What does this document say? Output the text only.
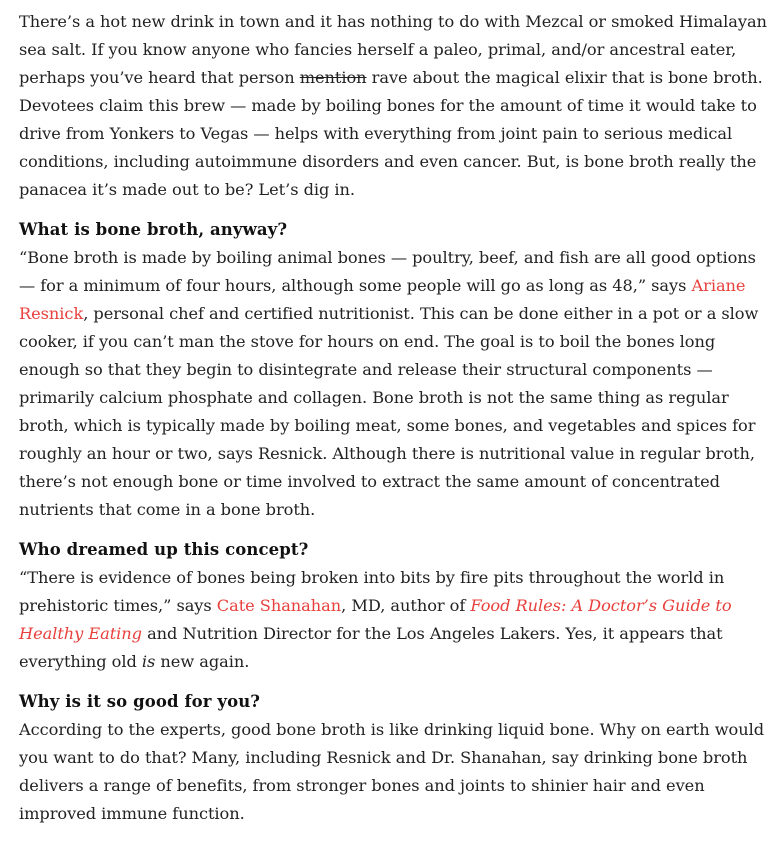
There’s a hot new drink in town and it has nothing to do with Mezcal or smoked Himalayan sea salt. If you know anyone who fancies herself a paleo, primal, and/or ancestral eater, perhaps you’ve heard that person mention rave about the magical elixir that is bone broth. Devotees claim this brew — made by boiling bones for the amount of time it would take to drive from Yonkers to Vegas — helps with everything from joint pain to serious medical conditions, including autoimmune disorders and even cancer. But, is bone broth really the panacea it’s made out to be? Let’s dig in.

What is bone broth, anyway?

“Bone broth is made by boiling animal bones — poultry, beef, and fish are all good options — for a minimum of four hours, although some people will go as long as 48,” says Ariane Resnick, personal chef and certified nutritionist. This can be done either in a pot or a slow cooker, if you can’t man the stove for hours on end. The goal is to boil the bones long enough so that they begin to disintegrate and release their structural components — primarily calcium phosphate and collagen. Bone broth is not the same thing as regular broth, which is typically made by boiling meat, some bones, and vegetables and spices for roughly an hour or two, says Resnick. Although there is nutritional value in regular broth, there’s not enough bone or time involved to extract the same amount of concentrated nutrients that come in a bone broth.

Who dreamed up this concept?

“There is evidence of bones being broken into bits by fire pits throughout the world in prehistoric times,” says Cate Shanahan, MD, author of Food Rules: A Doctor’s Guide to Healthy Eating and Nutrition Director for the Los Angeles Lakers. Yes, it appears that everything old is new again.

Why is it so good for you?

According to the experts, good bone broth is like drinking liquid bone. Why on earth would you want to do that? Many, including Resnick and Dr. Shanahan, say drinking bone broth delivers a range of benefits, from stronger bones and joints to shinier hair and even improved immune function.
